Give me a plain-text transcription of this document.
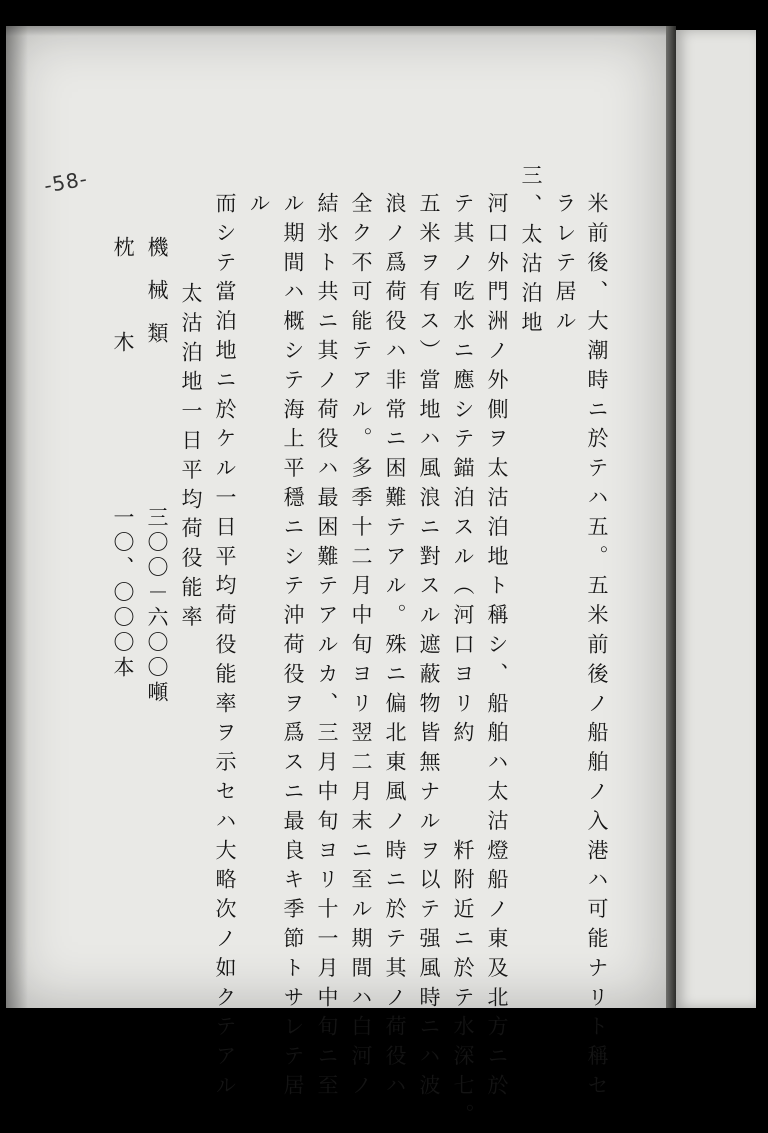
-58-
米前後、大潮時ニ於テハ五。五米前後ノ船舶ノ入港ハ可能ナリト稱セ
ラレテ居ル
三、太沽泊地
河口外門洲ノ外側ヲ太沽泊地ト稱シ、船舶ハ太沽燈船ノ東及北方ニ於
テ其ノ吃水ニ應シテ錨泊スル（河口ヨリ約　　　粁附近ニ於テ水深七。
五米ヲ有ス）當地ハ風浪ニ對スル遮蔽物皆無ナルヲ以テ强風時ニハ波
浪ノ爲荷役ハ非常ニ困難テアル。殊ニ偏北東風ノ時ニ於テ其ノ荷役ハ
全ク不可能テアル。多季十二月中旬ヨリ翌二月末ニ至ル期間ハ白河ノ
結氷ト共ニ其ノ荷役ハ最困難テアルカ、三月中旬ヨリ十一月中旬ニ至
ル期間ハ概シテ海上平穩ニシテ沖荷役ヲ爲スニ最良キ季節トサレテ居
ル
而シテ當泊地ニ於ケル一日平均荷役能率ヲ示セハ大略次ノ如クテアル
太沽泊地一日平均荷役能率
機械類
三〇〇－六〇〇噸
枕木
一〇、〇〇〇本
